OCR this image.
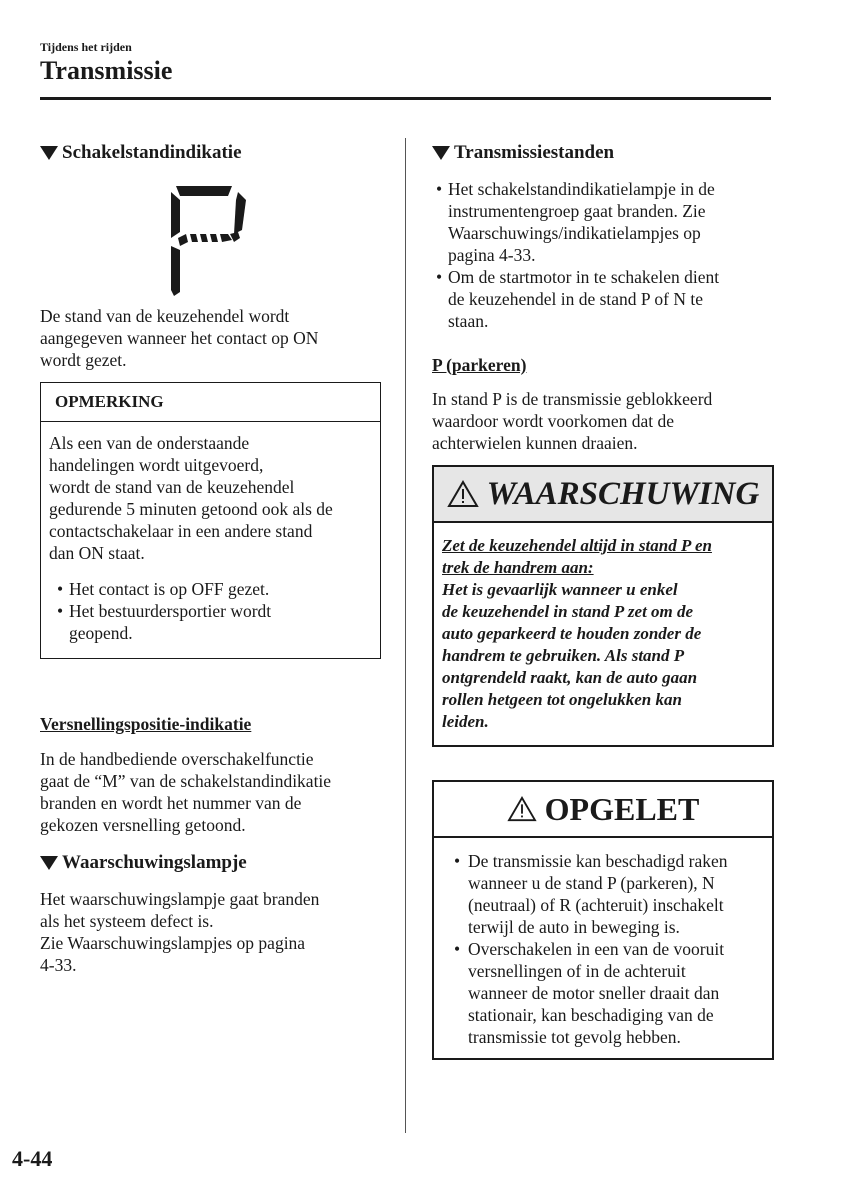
Tijdens het rijden
Transmissie
Schakelstandindikatie

De stand van de keuzehendel wordt

aangegeven wanneer het contact op ON

wordt gezet.

OPMERKING

Als een van de onderstaande

handelingen wordt uitgevoerd,

wordt de stand van de keuzehendel

gedurende 5 minuten getoond ook als de

contactschakelaar in een andere stand

dan ON staat.

• Het contact is op OFF gezet.
• Het bestuurdersportier wordt
geopend.
Versnellingspositie-indikatie

In de handbediende overschakelfunctie

gaat de “M” van de schakelstandindikatie

branden en wordt het nummer van de

gekozen versnelling getoond.

Waarschuwingslampje

Het waarschuwingslampje gaat branden

als het systeem defect is.

Zie Waarschuwingslampjes op pagina

4-33.

Transmissiestanden
• Het schakelstandindikatielampje in de
instrumentengroep gaat branden. Zie
Waarschuwings/indikatielampjes op
pagina 4-33.
• Om de startmotor in te schakelen dient
de keuzehendel in de stand P of N te
staan.
P (parkeren)

In stand P is de transmissie geblokkeerd

waardoor wordt voorkomen dat de

achterwielen kunnen draaien.

WAARSCHUWING
Zet de keuzehendel altijd in stand P en
trek de handrem aan:
Het is gevaarlijk wanneer u enkel
de keuzehendel in stand P zet om de
auto geparkeerd te houden zonder de
handrem te gebruiken. Als stand P
ontgrendeld raakt, kan de auto gaan
rollen hetgeen tot ongelukken kan
leiden.
OPGELET
• De transmissie kan beschadigd raken
wanneer u de stand P (parkeren), N
(neutraal) of R (achteruit) inschakelt
terwijl de auto in beweging is.
• Overschakelen in een van de vooruit
versnellingen of in de achteruit
wanneer de motor sneller draait dan
stationair, kan beschadiging van de
transmissie tot gevolg hebben.
4-44
